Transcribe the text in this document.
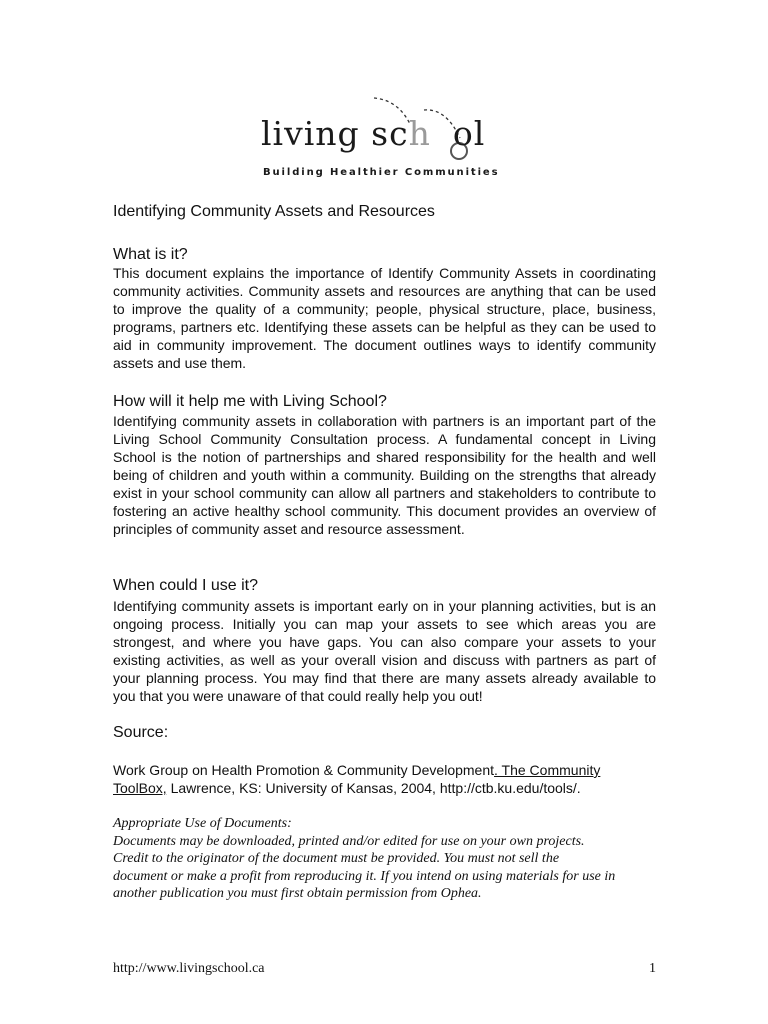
living sch ol
Building Healthier Communities
Identifying Community Assets and Resources
What is it?

This document explains the importance of Identify Community Assets in coordinating community activities. Community assets and resources are anything that can be used to improve the quality of a community; people, physical structure, place, business, programs, partners etc. Identifying these assets can be helpful as they can be used to aid in community improvement. The document outlines ways to identify community assets and use them.

How will it help me with Living School?

Identifying community assets in collaboration with partners is an important part of the Living School Community Consultation process. A fundamental concept in Living School is the notion of partnerships and shared responsibility for the health and well being of children and youth within a community. Building on the strengths that already exist in your school community can allow all partners and stakeholders to contribute to fostering an active healthy school community. This document provides an overview of principles of community asset and resource assessment.

When could I use it?

Identifying community assets is important early on in your planning activities, but is an ongoing process. Initially you can map your assets to see which areas you are strongest, and where you have gaps. You can also compare your assets to your existing activities, as well as your overall vision and discuss with partners as part of your planning process. You may find that there are many assets already available to you that you were unaware of that could really help you out!

Source:

Work Group on Health Promotion & Community Development. The Community ToolBox, Lawrence, KS: University of Kansas, 2004, http://ctb.ku.edu/tools/.

Appropriate Use of Documents:
Documents may be downloaded, printed and/or edited for use on your own projects.
Credit to the originator of the document must be provided. You must not sell the
document or make a profit from reproducing it. If you intend on using materials for use in
another publication you must first obtain permission from Ophea.
http://www.livingschool.ca	1
